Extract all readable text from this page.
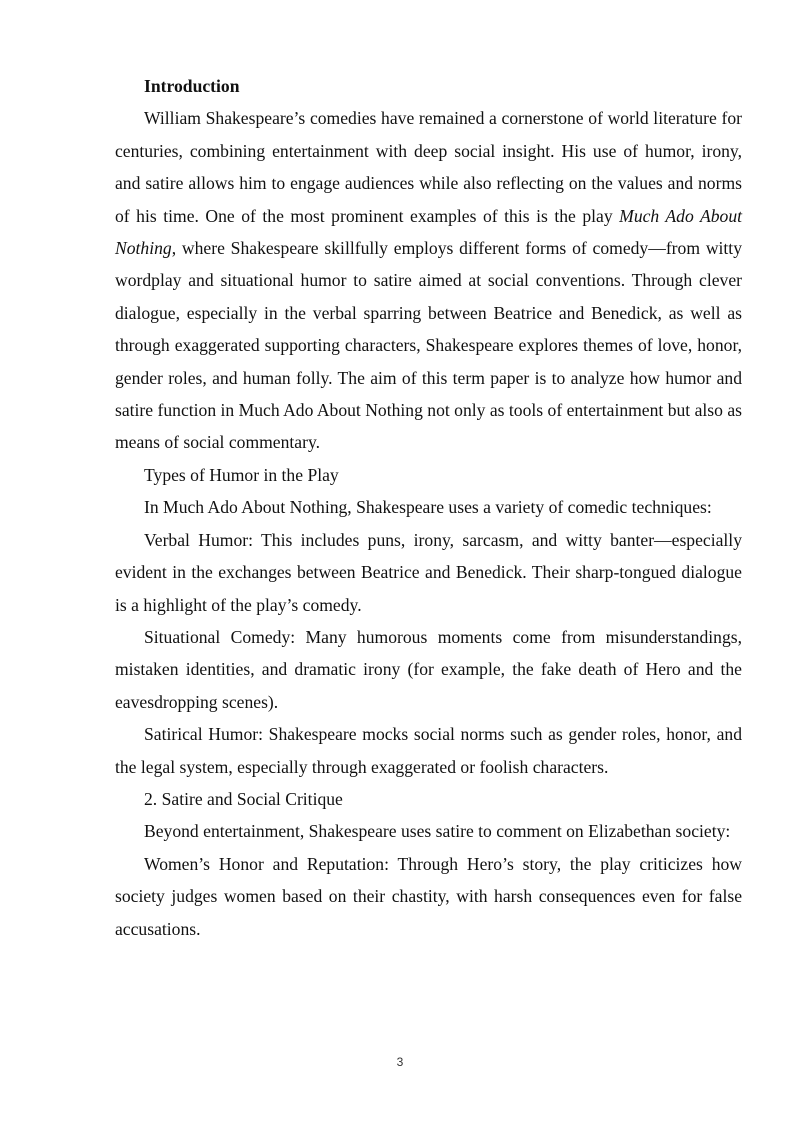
Introduction

William Shakespeare’s comedies have remained a cornerstone of world literature for centuries, combining entertainment with deep social insight. His use of humor, irony, and satire allows him to engage audiences while also reflecting on the values and norms of his time. One of the most prominent examples of this is the play Much Ado About Nothing, where Shakespeare skillfully employs different forms of comedy—from witty wordplay and situational humor to satire aimed at social conventions. Through clever dialogue, especially in the verbal sparring between Beatrice and Benedick, as well as through exaggerated supporting characters, Shakespeare explores themes of love, honor, gender roles, and human folly. The aim of this term paper is to analyze how humor and satire function in Much Ado About Nothing not only as tools of entertainment but also as means of social commentary.

Types of Humor in the Play

In Much Ado About Nothing, Shakespeare uses a variety of comedic techniques:

Verbal Humor: This includes puns, irony, sarcasm, and witty banter—especially evident in the exchanges between Beatrice and Benedick. Their sharp-tongued dialogue is a highlight of the play’s comedy.

Situational Comedy: Many humorous moments come from misunderstandings, mistaken identities, and dramatic irony (for example, the fake death of Hero and the eavesdropping scenes).

Satirical Humor: Shakespeare mocks social norms such as gender roles, honor, and the legal system, especially through exaggerated or foolish characters.

2. Satire and Social Critique

Beyond entertainment, Shakespeare uses satire to comment on Elizabethan society:

Women’s Honor and Reputation: Through Hero’s story, the play criticizes how society judges women based on their chastity, with harsh consequences even for false accusations.

3
